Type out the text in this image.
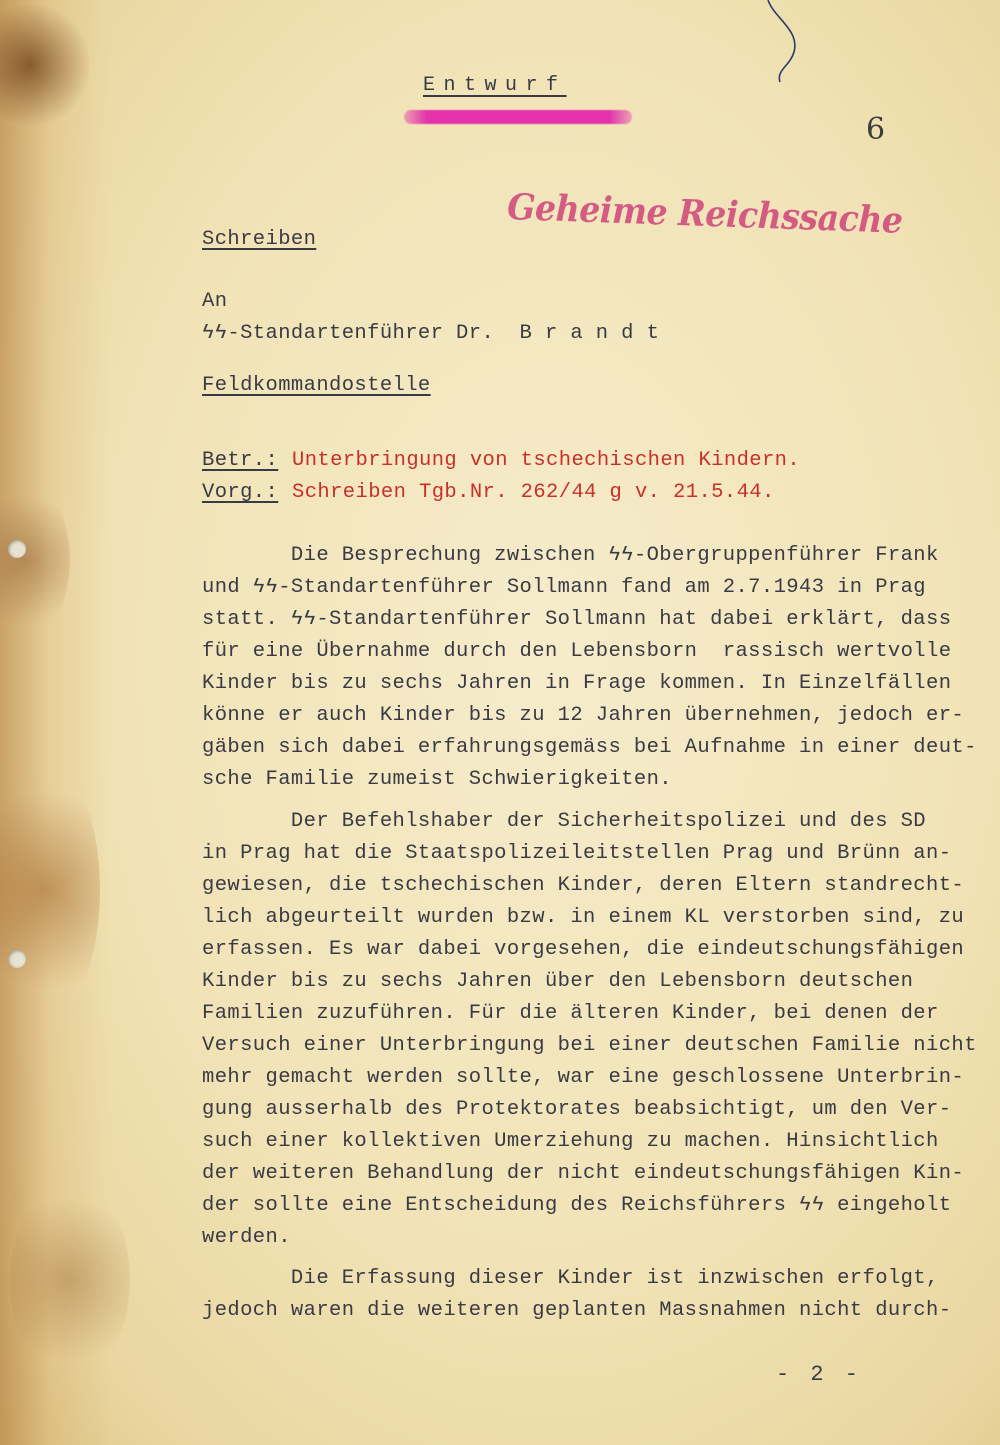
Entwurf
6
Geheime Reichssache
Schreiben
An
ϟϟ-Standartenführer Dr.  B r a n d t
Feldkommandostelle
Betr.: Unterbringung von tschechischen Kindern.
Vorg.: Schreiben Tgb.Nr. 262/44 g v. 21.5.44.
Die Besprechung zwischen ϟϟ-Obergruppenführer Frank
und ϟϟ-Standartenführer Sollmann fand am 2.7.1943 in Prag
statt. ϟϟ-Standartenführer Sollmann hat dabei erklärt, dass
für eine Übernahme durch den Lebensborn  rassisch wertvolle
Kinder bis zu sechs Jahren in Frage kommen. In Einzelfällen
könne er auch Kinder bis zu 12 Jahren übernehmen, jedoch er-
gäben sich dabei erfahrungsgemäss bei Aufnahme in einer deut-
sche Familie zumeist Schwierigkeiten.
Der Befehlshaber der Sicherheitspolizei und des SD
in Prag hat die Staatspolizeileitstellen Prag und Brünn an-
gewiesen, die tschechischen Kinder, deren Eltern standrecht-
lich abgeurteilt wurden bzw. in einem KL verstorben sind, zu
erfassen. Es war dabei vorgesehen, die eindeutschungsfähigen
Kinder bis zu sechs Jahren über den Lebensborn deutschen
Familien zuzuführen. Für die älteren Kinder, bei denen der
Versuch einer Unterbringung bei einer deutschen Familie nicht
mehr gemacht werden sollte, war eine geschlossene Unterbrin-
gung ausserhalb des Protektorates beabsichtigt, um den Ver-
such einer kollektiven Umerziehung zu machen. Hinsichtlich
der weiteren Behandlung der nicht eindeutschungsfähigen Kin-
der sollte eine Entscheidung des Reichsführers ϟϟ eingeholt
werden.
Die Erfassung dieser Kinder ist inzwischen erfolgt,
jedoch waren die weiteren geplanten Massnahmen nicht durch-
- 2 -
